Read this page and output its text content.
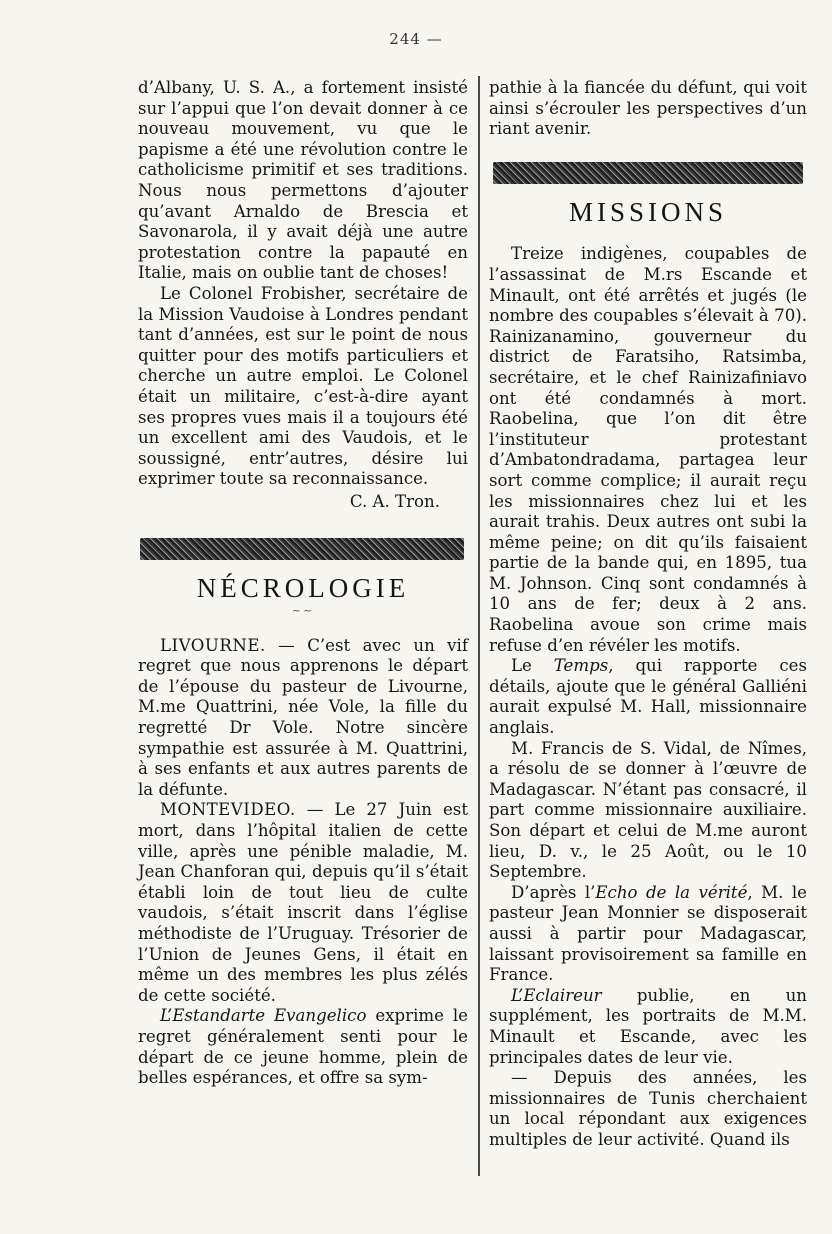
244 —

d’Albany, U. S. A., a fortement insisté sur l’appui que l’on devait donner à ce nouveau mouvement, vu que le papisme a été une révolution contre le catholicisme primitif et ses traditions. Nous nous permettons d’ajouter qu’avant Arnaldo de Brescia et Savonarola, il y avait déjà une autre protestation contre la papauté en Italie, mais on oublie tant de choses!

Le Colonel Frobisher, secrétaire de la Mission Vaudoise à Londres pendant tant d’années, est sur le point de nous quitter pour des motifs particuliers et cherche un autre emploi. Le Colonel était un militaire, c’est-à-dire ayant ses propres vues mais il a toujours été un excellent ami des Vaudois, et le soussigné, entr’autres, désire lui exprimer toute sa reconnaissance.

C. A. Tron.

NÉCROLOGIE
~~

LIVOURNE. — C’est avec un vif regret que nous apprenons le départ de l’épouse du pasteur de Livourne, M.me Quattrini, née Vole, la fille du regretté Dr Vole. Notre sincère sympathie est assurée à M. Quattrini, à ses enfants et aux autres parents de la défunte.

MONTEVIDEO. — Le 27 Juin est mort, dans l’hôpital italien de cette ville, après une pénible maladie, M. Jean Chanforan qui, depuis qu’il s’était établi loin de tout lieu de culte vaudois, s’était inscrit dans l’église méthodiste de l’Uruguay. Trésorier de l’Union de Jeunes Gens, il était en même un des membres les plus zélés de cette société.

L’Estandarte Evangelico exprime le regret généralement senti pour le départ de ce jeune homme, plein de belles espérances, et offre sa sym-

pathie à la fiancée du défunt, qui voit ainsi s’écrouler les perspectives d’un riant avenir.

MISSIONS

Treize indigènes, coupables de l’assassinat de M.rs Escande et Minault, ont été arrêtés et jugés (le nombre des coupables s’élevait à 70). Rainizanamino, gouverneur du district de Faratsiho, Ratsimba, secrétaire, et le chef Rainizafiniavo ont été condamnés à mort. Raobelina, que l’on dit être l’instituteur protestant d’Ambatondradama, partagea leur sort comme complice; il aurait reçu les missionnaires chez lui et les aurait trahis. Deux autres ont subi la même peine; on dit qu’ils faisaient partie de la bande qui, en 1895, tua M. Johnson. Cinq sont condamnés à 10 ans de fer; deux à 2 ans. Raobelina avoue son crime mais refuse d’en révéler les motifs.

Le Temps, qui rapporte ces détails, ajoute que le général Galliéni aurait expulsé M. Hall, missionnaire anglais.

M. Francis de S. Vidal, de Nîmes, a résolu de se donner à l’œuvre de Madagascar. N’étant pas consacré, il part comme missionnaire auxiliaire. Son départ et celui de M.me auront lieu, D. v., le 25 Août, ou le 10 Septembre.

D’après l’Echo de la vérité, M. le pasteur Jean Monnier se disposerait aussi à partir pour Madagascar, laissant provisoirement sa famille en France.

L’Eclaireur publie, en un supplément, les portraits de M.M. Minault et Escande, avec les principales dates de leur vie.

— Depuis des années, les missionnaires de Tunis cherchaient un local répondant aux exigences multiples de leur activité. Quand ils
